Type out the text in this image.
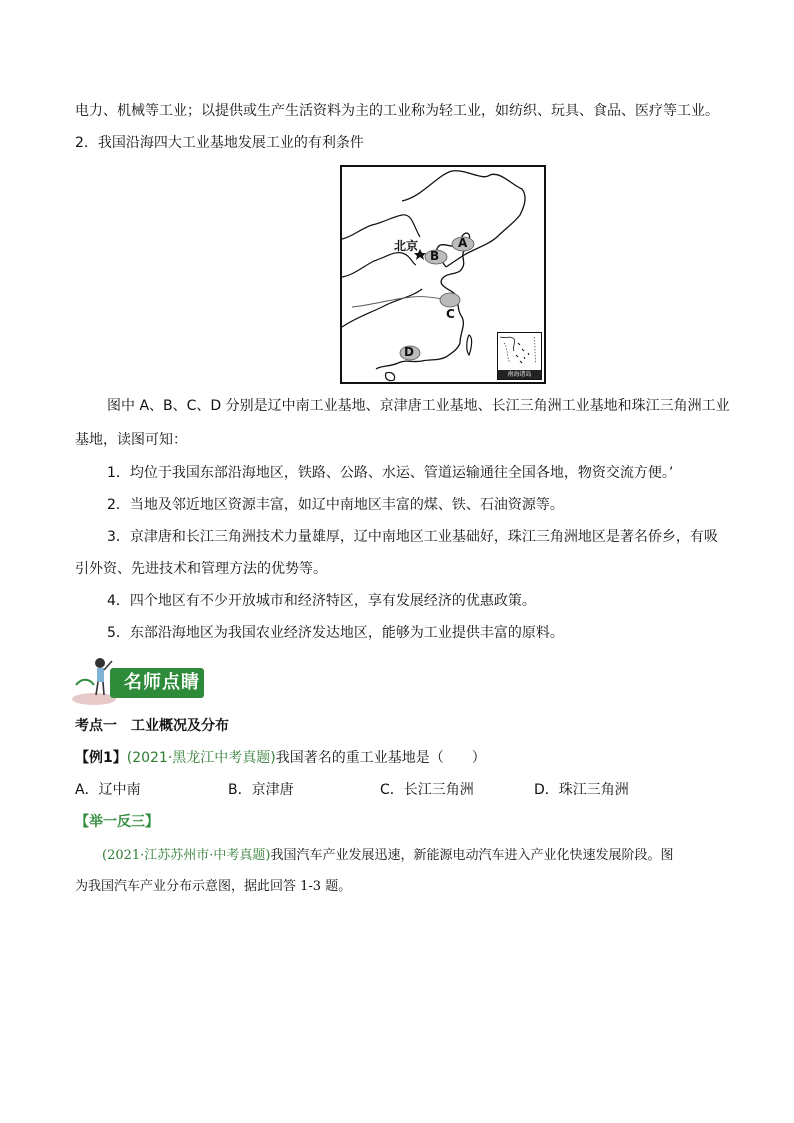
电力、机械等工业；以提供或生产生活资料为主的工业称为轻工业，如纺织、玩具、食品、医疗等工业。
2．我国沿海四大工业基地发展工业的有利条件
北京	A
B
C
D
南海诸岛
图中 A、B、C、D 分别是辽中南工业基地、京津唐工业基地、长江三角洲工业基地和珠江三角洲工业
基地，读图可知：
1．均位于我国东部沿海地区，铁路、公路、水运、管道运输通往全国各地，物资交流方便。’
2．当地及邻近地区资源丰富，如辽中南地区丰富的煤、铁、石油资源等。
3．京津唐和长江三角洲技术力量雄厚，辽中南地区工业基础好，珠江三角洲地区是著名侨乡，有吸
引外资、先进技术和管理方法的优势等。
4．四个地区有不少开放城市和经济特区，享有发展经济的优惠政策。
5．东部沿海地区为我国农业经济发达地区，能够为工业提供丰富的原料。
名师点睛
考点一　工业概况及分布
【例1】(2021·黑龙江中考真题)我国著名的重工业基地是（　　）
A．辽中南	B．京津唐	C．长江三角洲	D．珠江三角洲
【举一反三】
(2021·江苏苏州市·中考真题)我国汽车产业发展迅速，新能源电动汽车进入产业化快速发展阶段。图
为我国汽车产业分布示意图，据此回答 1-3 题。
